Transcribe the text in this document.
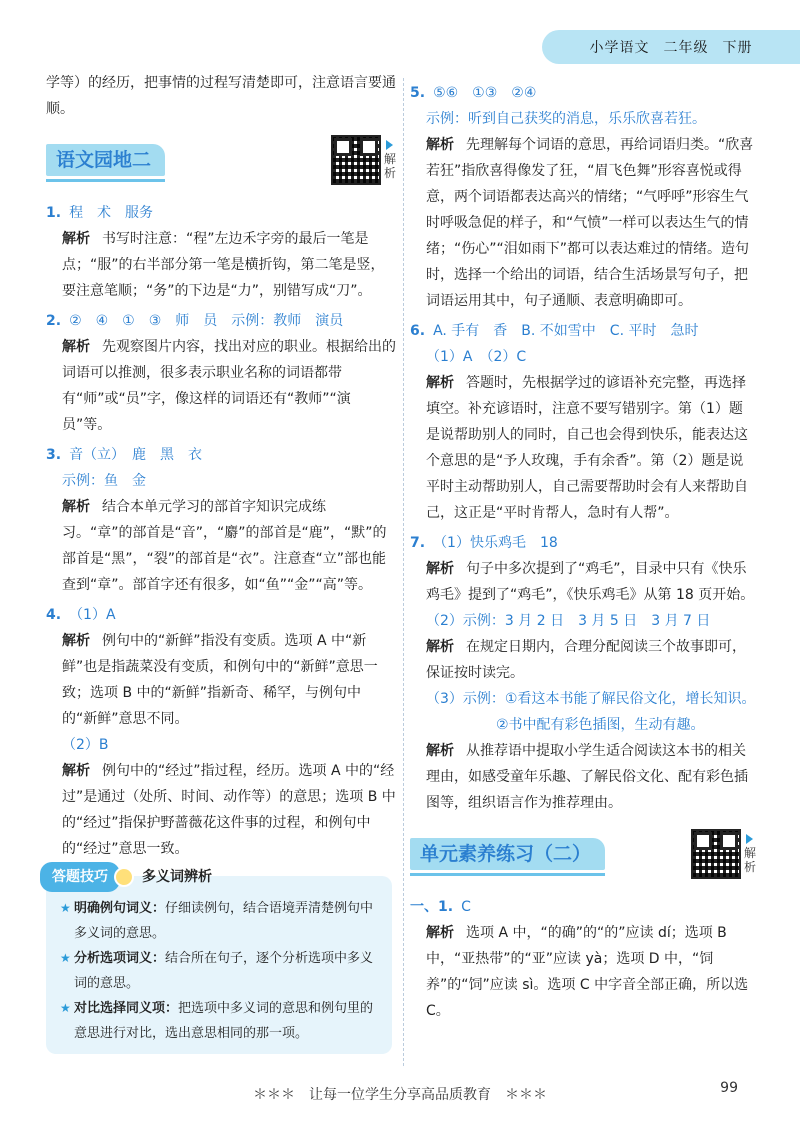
小学语文 二年级 下册

学等）的经历，把事情的过程写清楚即可，注意语言要通顺。

语文园地二	解
析

1. 程　术　服务

解析 书写时注意：“程”左边禾字旁的最后一笔是点；“服”的右半部分第一笔是横折钩，第二笔是竖，要注意笔顺；“务”的下边是“力”，别错写成“刀”。

2. ②　④　①　③　师　员　示例：教师　演员

解析 先观察图片内容，找出对应的职业。根据给出的词语可以推测，很多表示职业名称的词语都带有“师”或“员”字，像这样的词语还有“教师”“演员”等。

3. 音（立）　鹿　黑　衣

示例：鱼　金

解析 结合本单元学习的部首字知识完成练习。“章”的部首是“音”，“麝”的部首是“鹿”，“默”的部首是“黑”，“裂”的部首是“衣”。注意查“立”部也能查到“章”。部首字还有很多，如“鱼”“金”“高”等。

4. （1）A

解析 例句中的“新鲜”指没有变质。选项 A 中“新鲜”也是指蔬菜没有变质，和例句中的“新鲜”意思一致；选项 B 中的“新鲜”指新奇、稀罕，与例句中的“新鲜”意思不同。

（2）B

解析 例句中的“经过”指过程，经历。选项 A 中的“经过”是通过（处所、时间、动作等）的意思；选项 B 中的“经过”指保护野蔷薇花这件事的过程，和例句中的“经过”意思一致。

答题技巧	多义词辨析
★ 明确例句词义：仔细读例句，结合语境弄清楚例句中多义词的意思。
★ 分析选项词义：结合所在句子，逐个分析选项中多义词的意思。
★ 对比选择同义项：把选项中多义词的意思和例句里的意思进行对比，选出意思相同的那一项。

5. ⑤⑥　①③　②④

示例：听到自己获奖的消息，乐乐欣喜若狂。

解析 先理解每个词语的意思，再给词语归类。“欣喜若狂”指欣喜得像发了狂，“眉飞色舞”形容喜悦或得意，两个词语都表达高兴的情绪；“气呼呼”形容生气时呼吸急促的样子，和“气愤”一样可以表达生气的情绪；“伤心”“泪如雨下”都可以表达难过的情绪。造句时，选择一个给出的词语，结合生活场景写句子，把词语运用其中，句子通顺、表意明确即可。

6. A. 手有　香　B. 不如雪中　C. 平时　急时

（1）A　（2）C

解析 答题时，先根据学过的谚语补充完整，再选择填空。补充谚语时，注意不要写错别字。第（1）题是说帮助别人的同时，自己也会得到快乐，能表达这个意思的是“予人玫瑰，手有余香”。第（2）题是说平时主动帮助别人，自己需要帮助时会有人来帮助自己，这正是“平时肯帮人，急时有人帮”。

7. （1）快乐鸡毛　18

解析 句子中多次提到了“鸡毛”，目录中只有《快乐鸡毛》提到了“鸡毛”，《快乐鸡毛》从第 18 页开始。

（2）示例：3 月 2 日　3 月 5 日　3 月 7 日

解析 在规定日期内，合理分配阅读三个故事即可，保证按时读完。

（3）示例：①看这本书能了解民俗文化，增长知识。

②书中配有彩色插图，生动有趣。

解析 从推荐语中提取小学生适合阅读这本书的相关理由，如感受童年乐趣、了解民俗文化、配有彩色插图等，组织语言作为推荐理由。

单元素养练习（二）	解
析

一、1. C

解析 选项 A 中，“的确”的“的”应读 dí；选项 B 中，“亚热带”的“亚”应读 yà；选项 D 中，“饲养”的“饲”应读 sì。选项 C 中字音全部正确，所以选 C。

＊＊＊　让每一位学生分享高品质教育　＊＊＊	99
